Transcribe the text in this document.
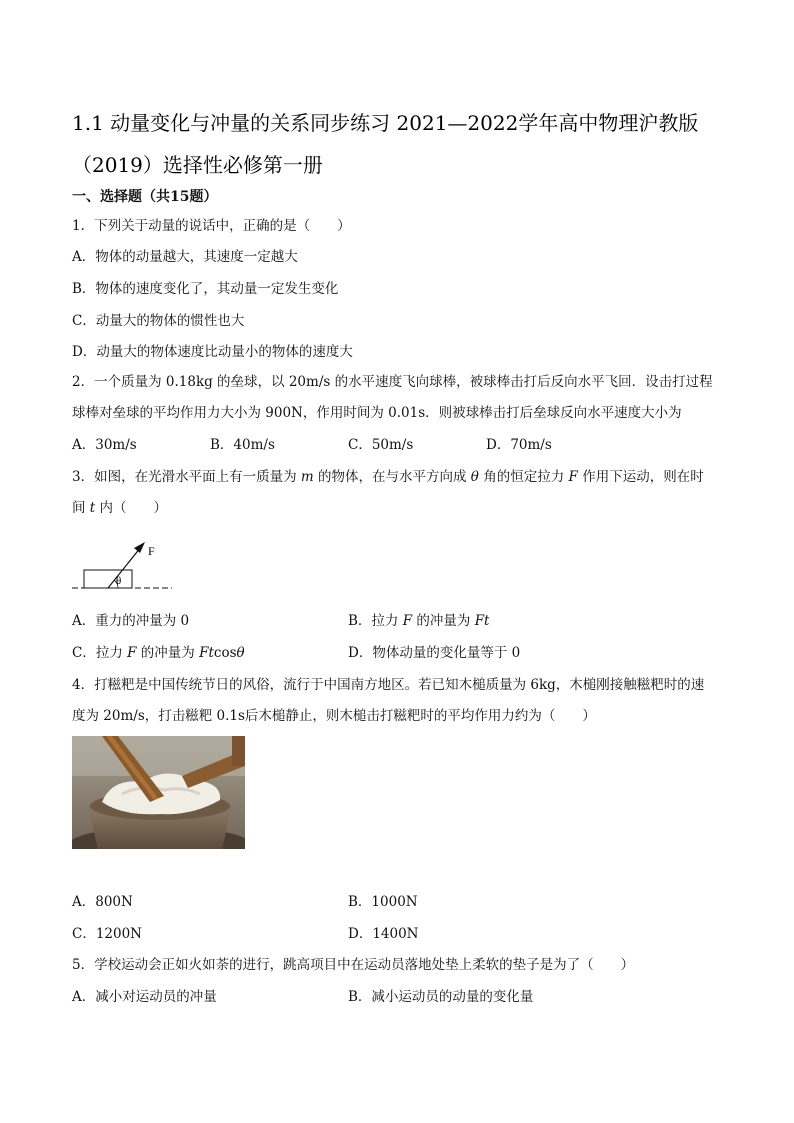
1.1 动量变化与冲量的关系同步练习 2021—2022学年高中物理沪教版（2019）选择性必修第一册
一、选择题（共15题）
1．下列关于动量的说话中，正确的是（　　）
A．物体的动量越大，其速度一定越大
B．物体的速度变化了，其动量一定发生变化
C．动量大的物体的惯性也大
D．动量大的物体速度比动量小的物体的速度大
2．一个质量为 0.18kg 的垒球，以 20m/s 的水平速度飞向球棒，被球棒击打后反向水平飞回．设击打过程
球棒对垒球的平均作用力大小为 900N，作用时间为 0.01s．则被球棒击打后垒球反向水平速度大小为
A．30m/s	B．40m/s	C．50m/s	D．70m/s
3．如图，在光滑水平面上有一质量为 m 的物体，在与水平方向成 θ 角的恒定拉力 F 作用下运动，则在时
间 t 内（　　）
F
θ
A．重力的冲量为 0	B．拉力 F 的冲量为 Ft
C．拉力 F 的冲量为 Ftcosθ	D．物体动量的变化量等于 0
4．打糍粑是中国传统节日的风俗，流行于中国南方地区。若已知木槌质量为 6kg，木槌刚接触糍粑时的速
度为 20m/s，打击糍粑 0.1s后木槌静止，则木槌击打糍粑时的平均作用力约为（　　）
A．800N	B．1000N
C．1200N	D．1400N
5．学校运动会正如火如荼的进行，跳高项目中在运动员落地处垫上柔软的垫子是为了（　　）
A．减小对运动员的冲量	B．减小运动员的动量的变化量
